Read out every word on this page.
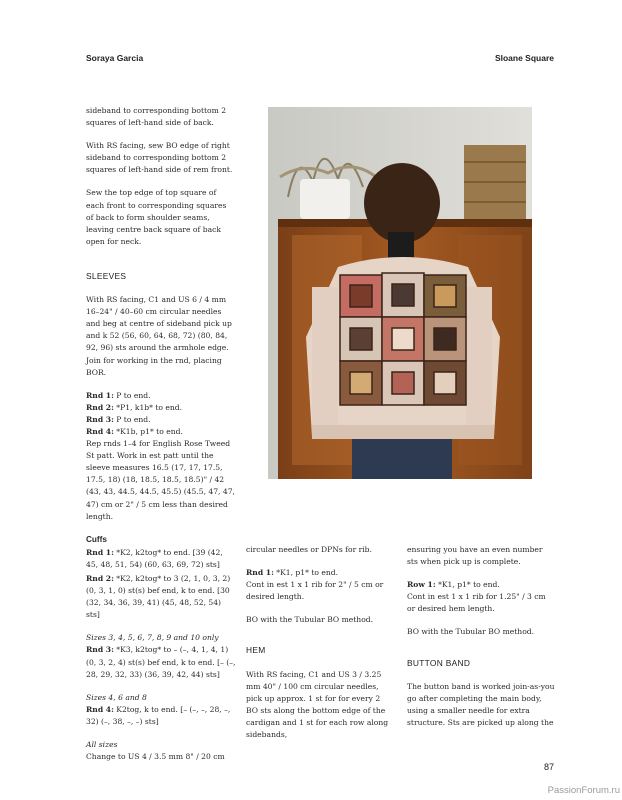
Soraya Garcia	Sloane Square

sideband to corresponding bottom 2 squares of left-hand side of back.

With RS facing, sew BO edge of right sideband to corresponding bottom 2 squares of left-hand side of rem front.

Sew the top edge of top square of each front to corresponding squares of back to form shoulder seams, leaving centre back square of back open for neck.

SLEEVES

With RS facing, C1 and US 6 / 4 mm 16–24" / 40–60 cm circular needles and beg at centre of sideband pick up and k 52 (56, 60, 64, 68, 72) (80, 84, 92, 96) sts around the armhole edge. Join for working in the rnd, placing BOR.

Rnd 1: P to end.
Rnd 2: *P1, k1b* to end.
Rnd 3: P to end.
Rnd 4: *K1b, p1* to end.

Rep rnds 1–4 for English Rose Tweed St patt. Work in est patt until the sleeve measures 16.5 (17, 17, 17.5, 17.5, 18) (18, 18.5, 18.5, 18.5)" / 42 (43, 43, 44.5, 44.5, 45.5) (45.5, 47, 47, 47) cm or 2" / 5 cm less than desired length.

Cuffs

Rnd 1: *K2, k2tog* to end. [39 (42, 45, 48, 51, 54) (60, 63, 69, 72) sts]

Rnd 2: *K2, k2tog* to 3 (2, 1, 0, 3, 2) (0, 3, 1, 0) st(s) bef end, k to end. [30 (32, 34, 36, 39, 41) (45, 48, 52, 54) sts]

Sizes 3, 4, 5, 6, 7, 8, 9 and 10 only

Rnd 3: *K3, k2tog* to – (–, 4, 1, 4, 1) (0, 3, 2, 4) st(s) bef end, k to end. [– (–, 28, 29, 32, 33) (36, 39, 42, 44) sts]

Sizes 4, 6 and 8

Rnd 4: K2tog, k to end. [– (–, –, 28, –, 32) (–, 38, –, –) sts]

All sizes
Change to US 4 / 3.5 mm 8" / 20 cm

circular needles or DPNs for rib.

Rnd 1: *K1, p1* to end.

Cont in est 1 x 1 rib for 2" / 5 cm or desired length.

BO with the Tubular BO method.

HEM

With RS facing, C1 and US 3 / 3.25 mm 40" / 100 cm circular needles, pick up approx. 1 st for for every 2 BO sts along the bottom edge of the cardigan and 1 st for each row along sidebands,

ensuring you have an even number sts when pick up is complete.

Row 1: *K1, p1* to end.

Cont in est 1 x 1 rib for 1.25" / 3 cm or desired hem length.

BO with the Tubular BO method.

BUTTON BAND

The button band is worked join-as-you go after completing the main body, using a smaller needle for extra structure. Sts are picked up along the

87
PassionForum.ru
